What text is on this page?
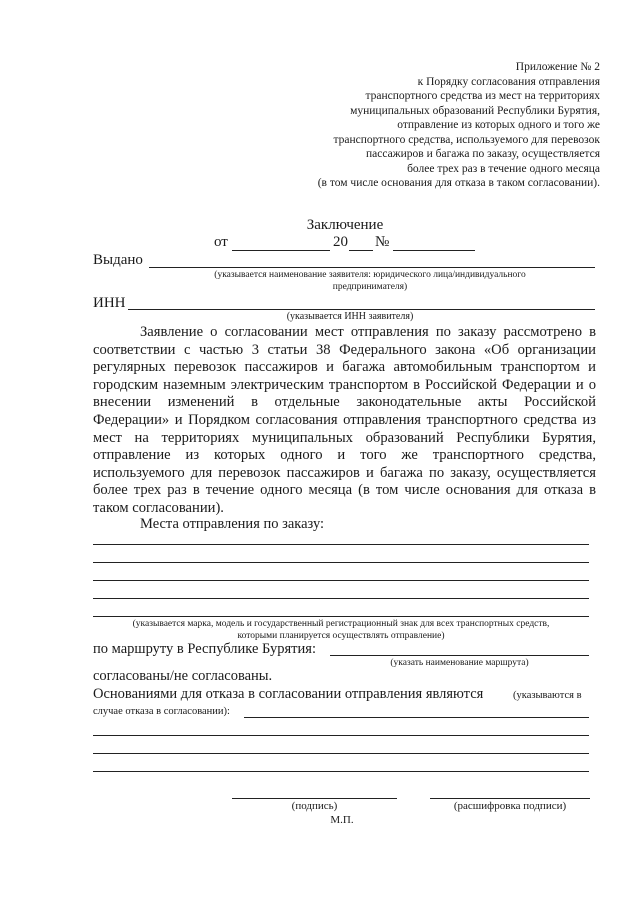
Приложение № 2
к Порядку согласования отправления
транспортного средства из мест на территориях
муниципальных образований Республики Бурятия,
отправление из которых одного и того же
транспортного средства, используемого для перевозок
пассажиров и багажа по заказу, осуществляется
более трех раз в течение одного месяца
(в том числе основания для отказа в таком согласовании).
Заключение
от	20 №
Выдано
(указывается наименование заявителя: юридического лица/индивидуального
предпринимателя)
ИНН
(указывается ИНН заявителя)
Заявление о согласовании мест отправления по заказу рассмотрено в соответствии с частью 3 статьи 38 Федерального закона «Об организации регулярных перевозок пассажиров и багажа автомобильным транспортом и городским наземным электрическим транспортом в Российской Федерации и о внесении изменений в отдельные законодательные акты Российской Федерации» и Порядком согласования отправления транспортного средства из мест на территориях муниципальных образований Республики Бурятия, отправление из которых одного и того же транспортного средства, используемого для перевозок пассажиров и багажа по заказу, осуществляется более трех раз в течение одного месяца (в том числе основания для отказа в таком согласовании).
Места отправления по заказу:
(указывается марка, модель и государственный регистрационный знак для всех транспортных средств,
которыми планируется осуществлять отправление)
по маршруту в Республике Бурятия:
(указать наименование маршрута)
согласованы/не согласованы.
Основаниями для отказа в согласовании отправления являются	(указываются в
случае отказа в согласовании):
(подпись)	(расшифровка подписи)
М.П.
